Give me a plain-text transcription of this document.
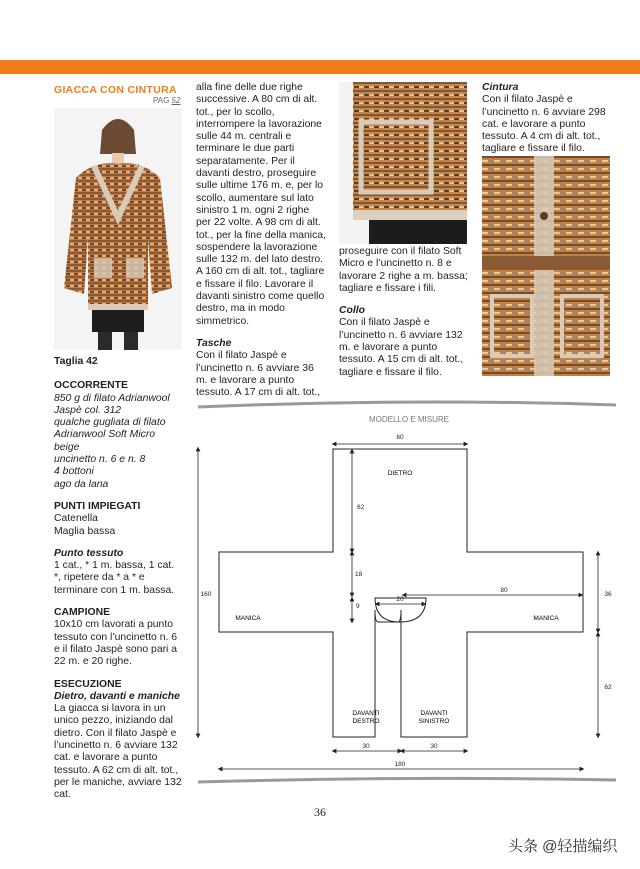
GIACCA CON CINTURA
PAG 52

Taglia 42

OCCORRENTE

850 g di filato Adrianwool

Jaspè col. 312

qualche gugliata di filato

Adrianwool Soft Micro beige

uncinetto n. 6 e n. 8

4 bottoni

ago da lana

PUNTI IMPIEGATI

Catenella

Maglia bassa

Punto tessuto

1 cat., * 1 m. bassa, 1 cat. *, ripetere da * a * e terminare con 1 m. bassa.

CAMPIONE

10x10 cm lavorati a punto tessuto con l’uncinetto n. 6 e il filato Jaspè sono pari a 22 m. e 20 righe.

ESECUZIONE

Dietro, davanti e maniche

La giacca si lavora in un unico pezzo, iniziando dal dietro. Con il filato Jaspè e l’uncinetto n. 6 avviare 132 cat. e lavorare a punto tessuto. A 62 cm di alt. tot., per le maniche, avviare 132 cat.

alla fine delle due righe successive. A 80 cm di alt. tot., per lo scollo, interrompere la lavorazione sulle 44 m. centrali e terminare le due parti separatamente. Per il davanti destro, proseguire sulle ultime 176 m. e, per lo scollo, aumentare sul lato sinistro 1 m. ogni 2 righe per 22 volte. A 98 cm di alt. tot., per la fine della manica, sospendere la lavorazione sulle 132 m. del lato destro. A 160 cm di alt. tot., tagliare e fissare il filo. Lavorare il davanti sinistro come quello destro, ma in modo simmetrico.

Tasche

Con il filato Jaspè e l’uncinetto n. 6 avviare 36 m. e lavorare a punto tessuto. A 17 cm di alt. tot.,

proseguire con il filato Soft Micro e l’uncinetto n. 8 e lavorare 2 righe a m. bassa; tagliare e fissare i fili.

Collo

Con il filato Jaspè e l’uncinetto n. 6 avviare 132 m. e lavorare a punto tessuto. A 15 cm di alt. tot., tagliare e fissare il filo.

Cintura

Con il filato Jaspè e l’uncinetto n. 6 avviare 298 cat. e lavorare a punto tessuto. A 4 cm di alt. tot., tagliare e fissare il filo.

MODELLO E MISURE
DIETRO
MANICA	MANICA
DAVANTI
DESTRO
DAVANTI
SINISTRO
60
62
18
9
20
80
160	36
62
30	30
180
36
头条 @轻描编织
